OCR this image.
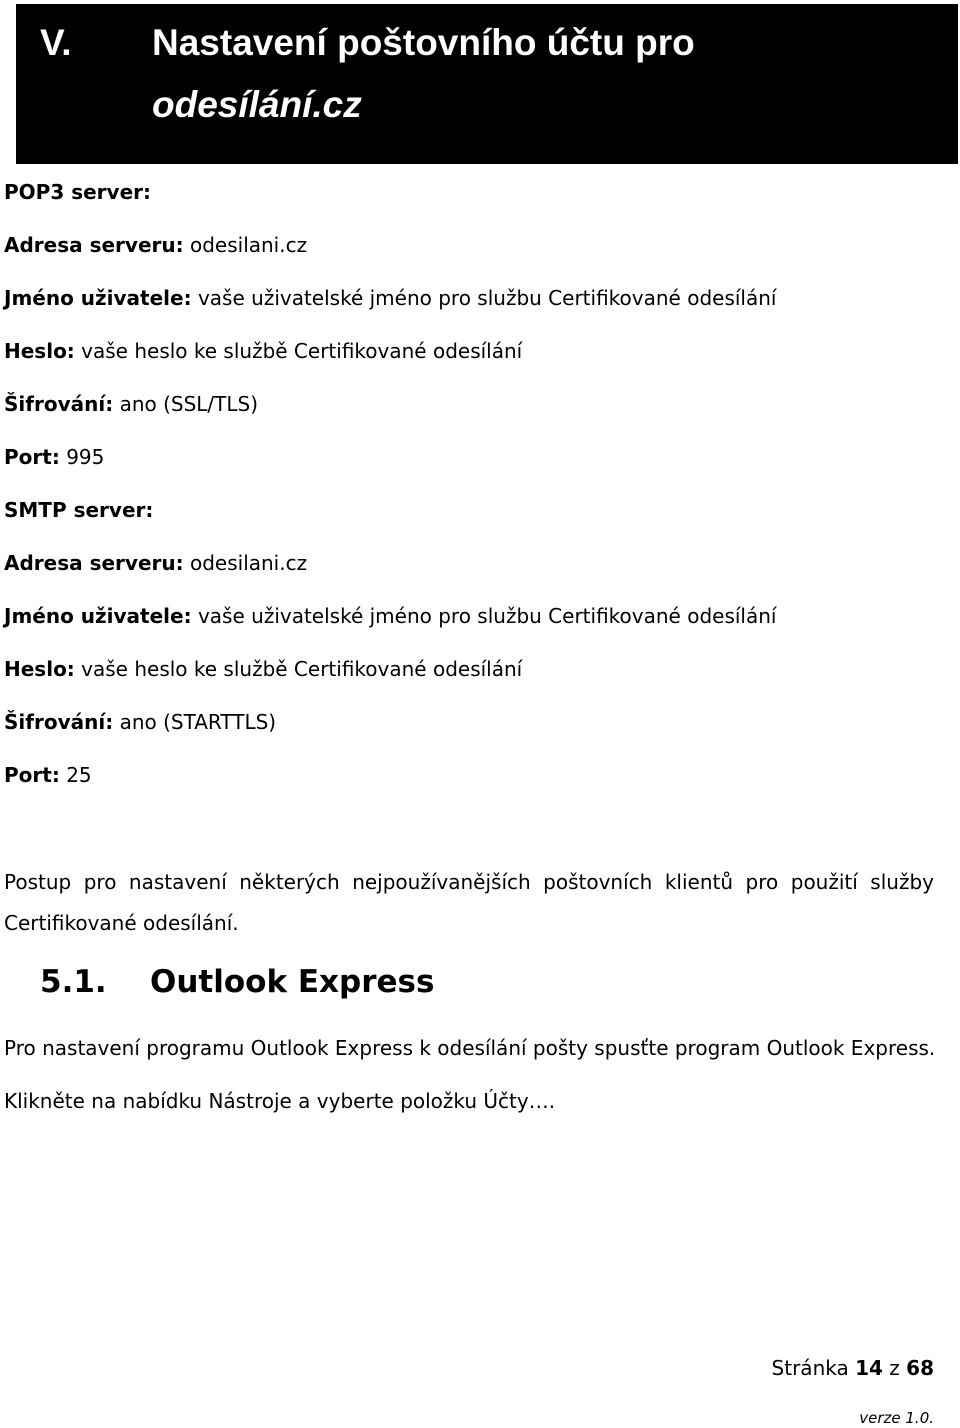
V. Nastavení poštovního účtu pro
odesílání.cz
POP3 server:
Adresa serveru: odesilani.cz
Jméno uživatele: vaše uživatelské jméno pro službu Certifikované odesílání
Heslo: vaše heslo ke službě Certifikované odesílání
Šifrování: ano (SSL/TLS)
Port: 995
SMTP server:
Adresa serveru: odesilani.cz
Jméno uživatele: vaše uživatelské jméno pro službu Certifikované odesílání
Heslo: vaše heslo ke službě Certifikované odesílání
Šifrování: ano (STARTTLS)
Port: 25
Postup pro nastavení některých nejpoužívanějších poštovních klientů pro použití služby Certifikované odesílání.
5.1. Outlook Express
Pro nastavení programu Outlook Express k odesílání pošty spusťte program Outlook Express.
Klikněte na nabídku Nástroje a vyberte položku Účty….
Stránka 14 z 68
verze 1.0.
